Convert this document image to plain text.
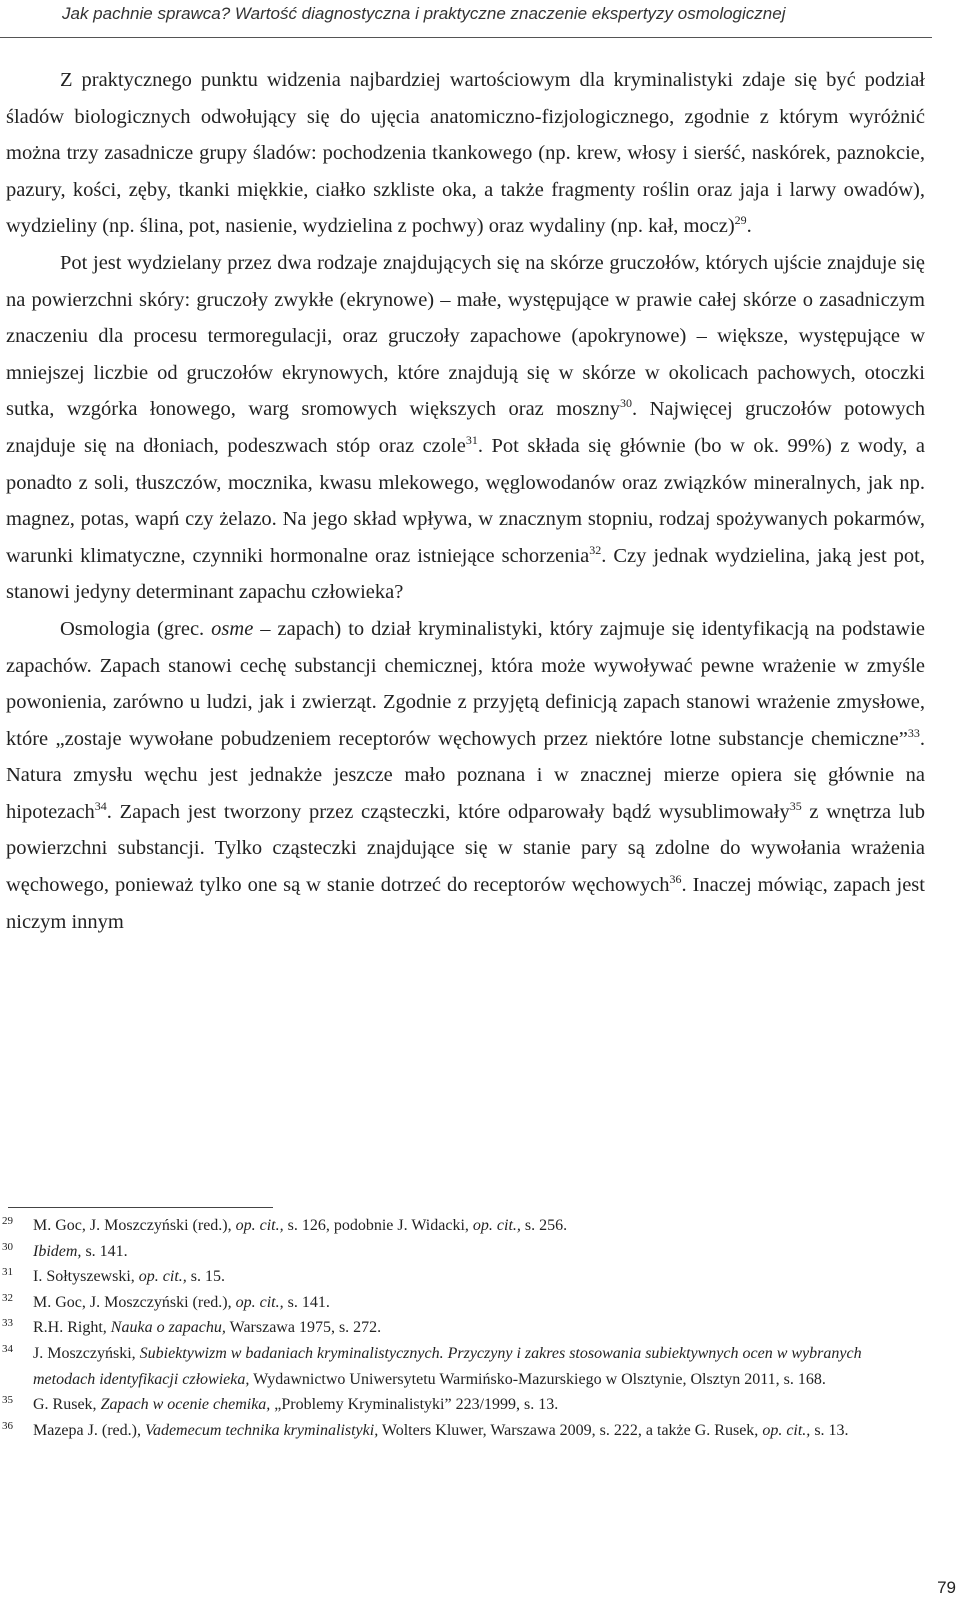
Jak pachnie sprawca? Wartość diagnostyczna i praktyczne znaczenie ekspertyzy osmologicznej

Z praktycznego punktu widzenia najbardziej wartościowym dla kryminalistyki zdaje się być podział śladów biologicznych odwołujący się do ujęcia anatomiczno-fizjologicznego, zgodnie z którym wyróżnić można trzy zasadnicze grupy śladów: pochodzenia tkankowego (np. krew, włosy i sierść, naskórek, paznokcie, pazury, kości, zęby, tkanki miękkie, ciałko szkliste oka, a także fragmenty roślin oraz jaja i larwy owadów), wydzieliny (np. ślina, pot, nasienie, wydzielina z pochwy) oraz wydaliny (np. kał, mocz)$^{29}$.

Pot jest wydzielany przez dwa rodzaje znajdujących się na skórze gruczołów, których ujście znajduje się na powierzchni skóry: gruczoły zwykłe (ekrynowe) – małe, występujące w prawie całej skórze o zasadniczym znaczeniu dla procesu termoregulacji, oraz gruczoły zapachowe (apokrynowe) – większe, występujące w mniejszej liczbie od gruczołów ekrynowych, które znajdują się w skórze w okolicach pachowych, otoczki sutka, wzgórka łonowego, warg sromowych większych oraz moszny$^{30}$. Najwięcej gruczołów potowych znajduje się na dłoniach, podeszwach stóp oraz czole$^{31}$. Pot składa się głównie (bo w ok. 99%) z wody, a ponadto z soli, tłuszczów, mocznika, kwasu mlekowego, węglowodanów oraz związków mineralnych, jak np. magnez, potas, wapń czy żelazo. Na jego skład wpływa, w znacznym stopniu, rodzaj spożywanych pokarmów, warunki klimatyczne, czynniki hormonalne oraz istniejące schorzenia$^{32}$. Czy jednak wydzielina, jaką jest pot, stanowi jedyny determinant zapachu człowieka?

Osmologia (grec. osme – zapach) to dział kryminalistyki, który zajmuje się identyfikacją na podstawie zapachów. Zapach stanowi cechę substancji chemicznej, która może wywoływać pewne wrażenie w zmyśle powonienia, zarówno u ludzi, jak i zwierząt. Zgodnie z przyjętą definicją zapach stanowi wrażenie zmysłowe, które „zostaje wywołane pobudzeniem receptorów węchowych przez niektóre lotne substancje chemiczne”$^{33}$. Natura zmysłu węchu jest jednakże jeszcze mało poznana i w znacznej mierze opiera się głównie na hipotezach$^{34}$. Zapach jest tworzony przez cząsteczki, które odparowały bądź wysublimowały$^{35}$ z wnętrza lub powierzchni substancji. Tylko cząsteczki znajdujące się w stanie pary są zdolne do wywołania wrażenia węchowego, ponieważ tylko one są w stanie dotrzeć do receptorów węchowych$^{36}$. Inaczej mówiąc, zapach jest niczym innym

29 M. Goc, J. Moszczyński (red.), op. cit., s. 126, podobnie J. Widacki, op. cit., s. 256.
30 Ibidem, s. 141.
31 I. Sołtyszewski, op. cit., s. 15.
32 M. Goc, J. Moszczyński (red.), op. cit., s. 141.
33 R.H. Right, Nauka o zapachu, Warszawa 1975, s. 272.
34 J. Moszczyński, Subiektywizm w badaniach kryminalistycznych. Przyczyny i zakres stosowania subiektywnych ocen w wybranych metodach identyfikacji człowieka, Wydawnictwo Uniwersytetu Warmińsko-Mazurskiego w Olsztynie, Olsztyn 2011, s. 168.
35 G. Rusek, Zapach w ocenie chemika, „Problemy Kryminalistyki” 223/1999, s. 13.
36 Mazepa J. (red.), Vademecum technika kryminalistyki, Wolters Kluwer, Warszawa 2009, s. 222, a także G. Rusek, op. cit., s. 13.
79
